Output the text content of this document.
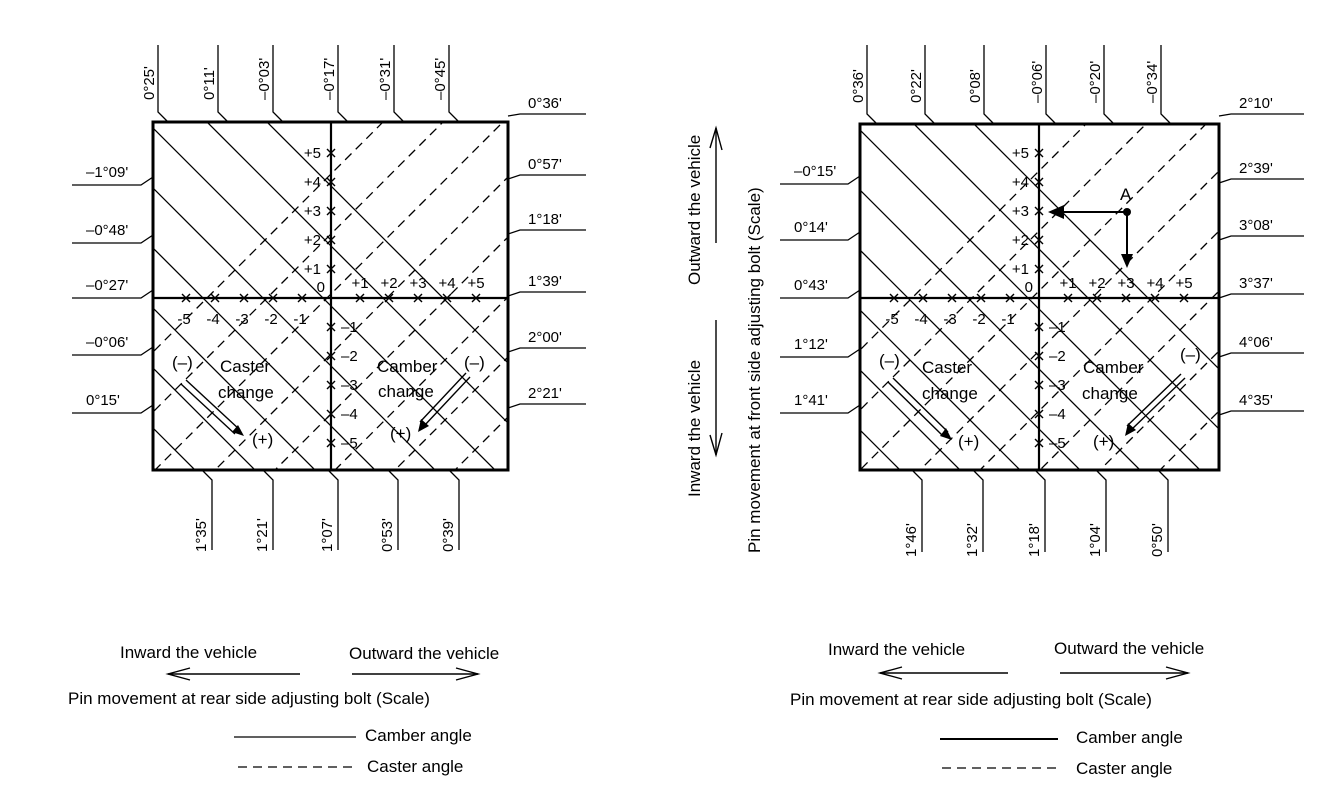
0°25'	0°11'	–0°03'	–0°17'	–0°31'	–0°45'
0°36'
0°57'
1°18'
1°39'
2°00'
2°21'
–1°09'
–0°48'
–0°27'
–0°06'
0°15'
1°35'	1°21'	1°07'	0°53'	0°39'
+1 +2 +3 +4 +5
-5 -4 -3 -2 -1
+1
+2
+3
+4
+5
–1
–2
–3
–4
–5
0
Caster
change
Camber
change
(–)
(+)
(–)
(+)
0°36'	0°22'	0°08'	–0°06'	–0°20'	–0°34'
2°10'
2°39'
3°08'
3°37'
4°06'
4°35'
–0°15'
0°14'
0°43'
1°12'
1°41'
1°46'	1°32'	1°18'	1°04'	0°50'
+1 +2 +3 +4 +5
-5 -4 -3 -2 -1
+1
+2
+3
+4
+5
–1
–2
–3
–4
–5
0
A
Caster
change
Camber
change
(–)
(+)
(–)
(+)
Outward the vehicle
Inward the vehicle Pin movement at front side adjusting bolt (Scale)
Inward the vehicle	Outward the vehicle
Pin movement at rear side adjusting bolt (Scale)
Camber angle
Caster angle
Inward the vehicle	Outward the vehicle
Pin movement at rear side adjusting bolt (Scale)
Camber angle
Caster angle
